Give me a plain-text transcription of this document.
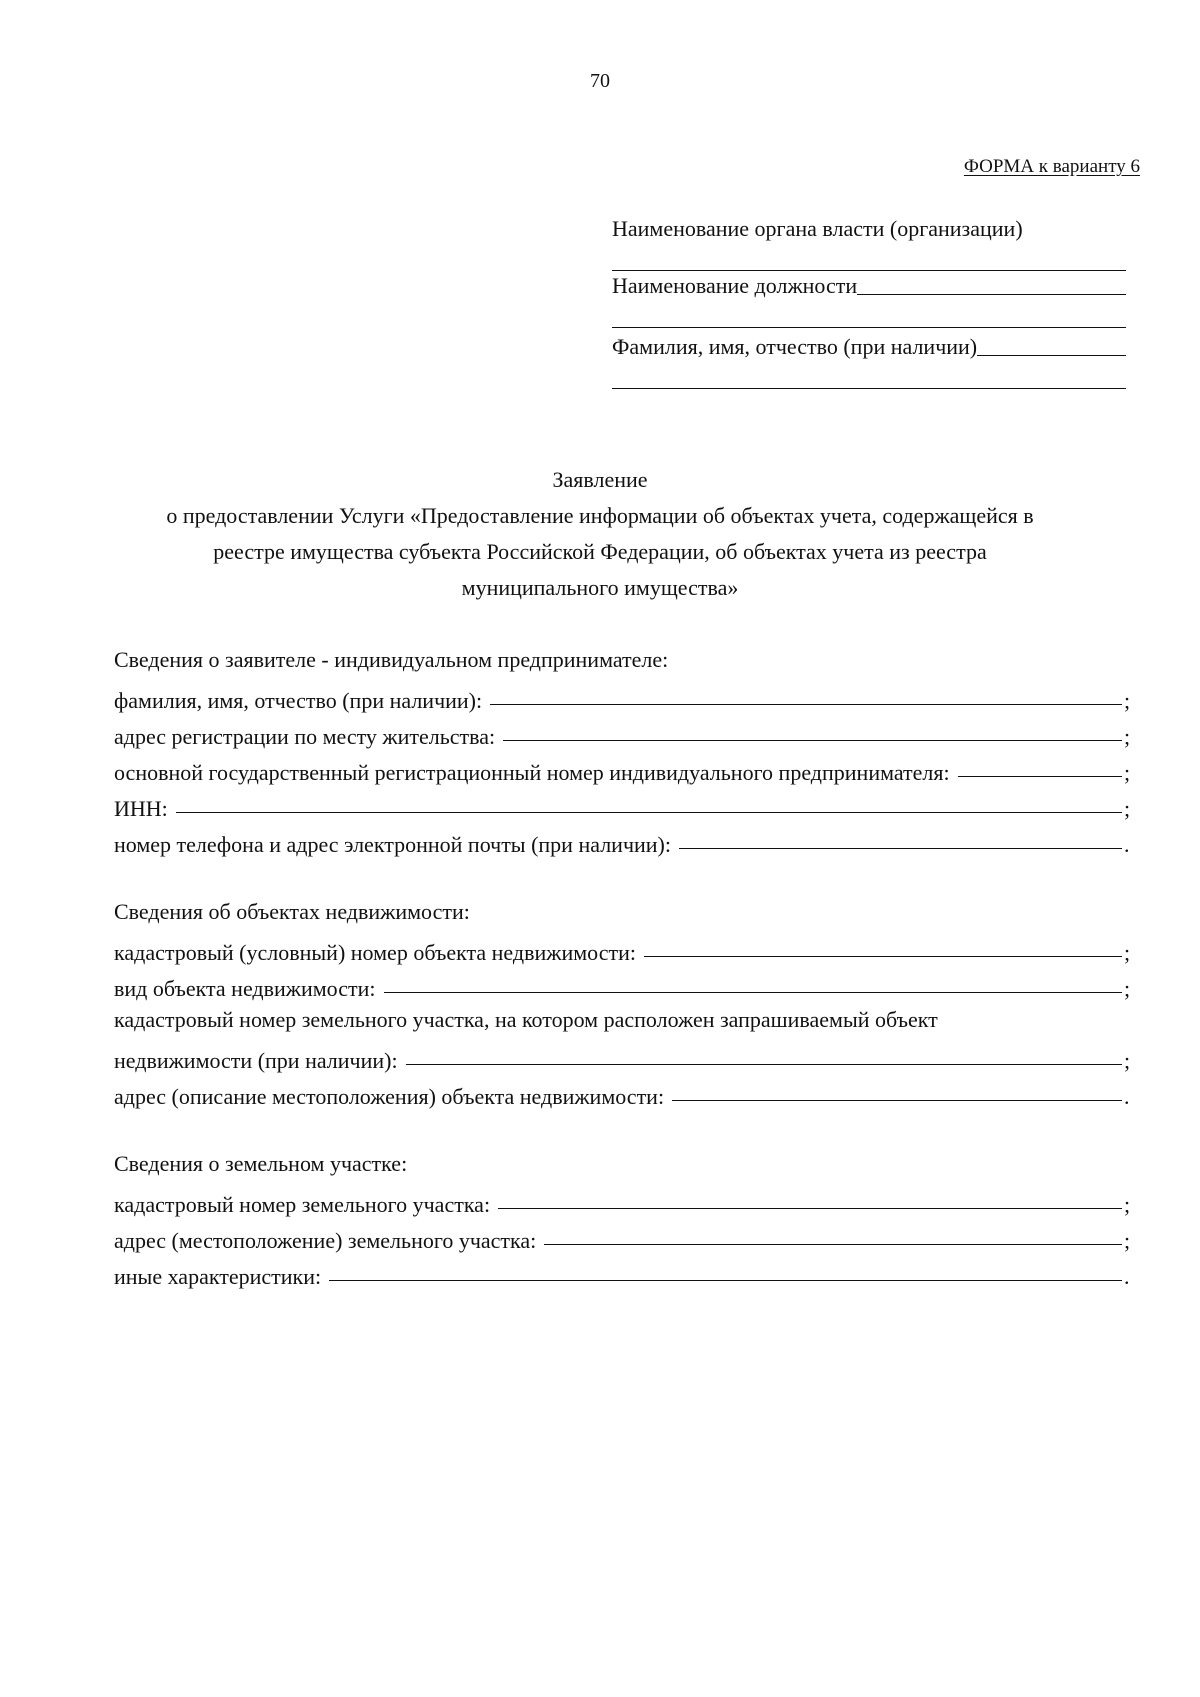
70
ФОРМА к варианту 6
Наименование органа власти (организации)
Наименование должности
Фамилия, имя, отчество (при наличии)
Заявление
о предоставлении Услуги «Предоставление информации об объектах учета, содержащейся в
реестре имущества субъекта Российской Федерации, об объектах учета из реестра
муниципального имущества»
Сведения о заявителе - индивидуальном предпринимателе:
фамилия, имя, отчество (при наличии):	;
адрес регистрации по месту жительства:	;
основной государственный регистрационный номер индивидуального предпринимателя:	;
ИНН:	;
номер телефона и адрес электронной почты (при наличии):	.
Сведения об объектах недвижимости:
кадастровый (условный) номер объекта недвижимости:	;
вид объекта недвижимости:	;
кадастровый номер земельного участка, на котором расположен запрашиваемый объект
недвижимости (при наличии):	;
адрес (описание местоположения) объекта недвижимости:	.
Сведения о земельном участке:
кадастровый номер земельного участка:	;
адрес (местоположение) земельного участка:	;
иные характеристики:	.
